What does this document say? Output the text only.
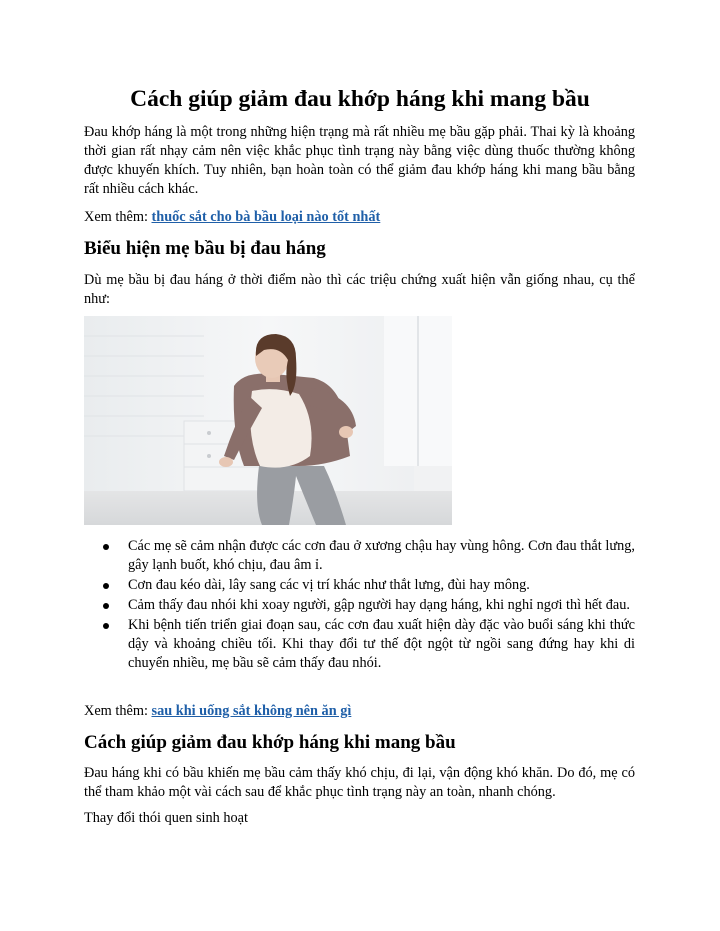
Cách giúp giảm đau khớp háng khi mang bầu

Đau khớp háng là một trong những hiện trạng mà rất nhiều mẹ bầu gặp phải. Thai kỳ là khoảng thời gian rất nhạy cảm nên việc khắc phục tình trạng này bằng việc dùng thuốc thường không được khuyến khích. Tuy nhiên, bạn hoàn toàn có thể giảm đau khớp háng khi mang bầu bằng rất nhiều cách khác.

Xem thêm: thuốc sắt cho bà bầu loại nào tốt nhất

Biểu hiện mẹ bầu bị đau háng

Dù mẹ bầu bị đau háng ở thời điểm nào thì các triệu chứng xuất hiện vẫn giống nhau, cụ thể như:

Các mẹ sẽ cảm nhận được các cơn đau ở xương chậu hay vùng hông. Cơn đau thắt lưng, gây lạnh buốt, khó chịu, đau âm ỉ.
Cơn đau kéo dài, lây sang các vị trí khác như thắt lưng, đùi hay mông.
Cảm thấy đau nhói khi xoay người, gập người hay dạng háng, khi nghỉ ngơi thì hết đau.
Khi bệnh tiến triển giai đoạn sau, các cơn đau xuất hiện dày đặc vào buổi sáng khi thức dậy và khoảng chiều tối. Khi thay đổi tư thế đột ngột từ ngồi sang đứng hay khi di chuyển nhiều, mẹ bầu sẽ cảm thấy đau nhói.

Xem thêm: sau khi uống sắt không nên ăn gì

Cách giúp giảm đau khớp háng khi mang bầu

Đau háng khi có bầu khiến mẹ bầu cảm thấy khó chịu, đi lại, vận động khó khăn. Do đó, mẹ có thể tham khảo một vài cách sau để khắc phục tình trạng này an toàn, nhanh chóng.

Thay đổi thói quen sinh hoạt
